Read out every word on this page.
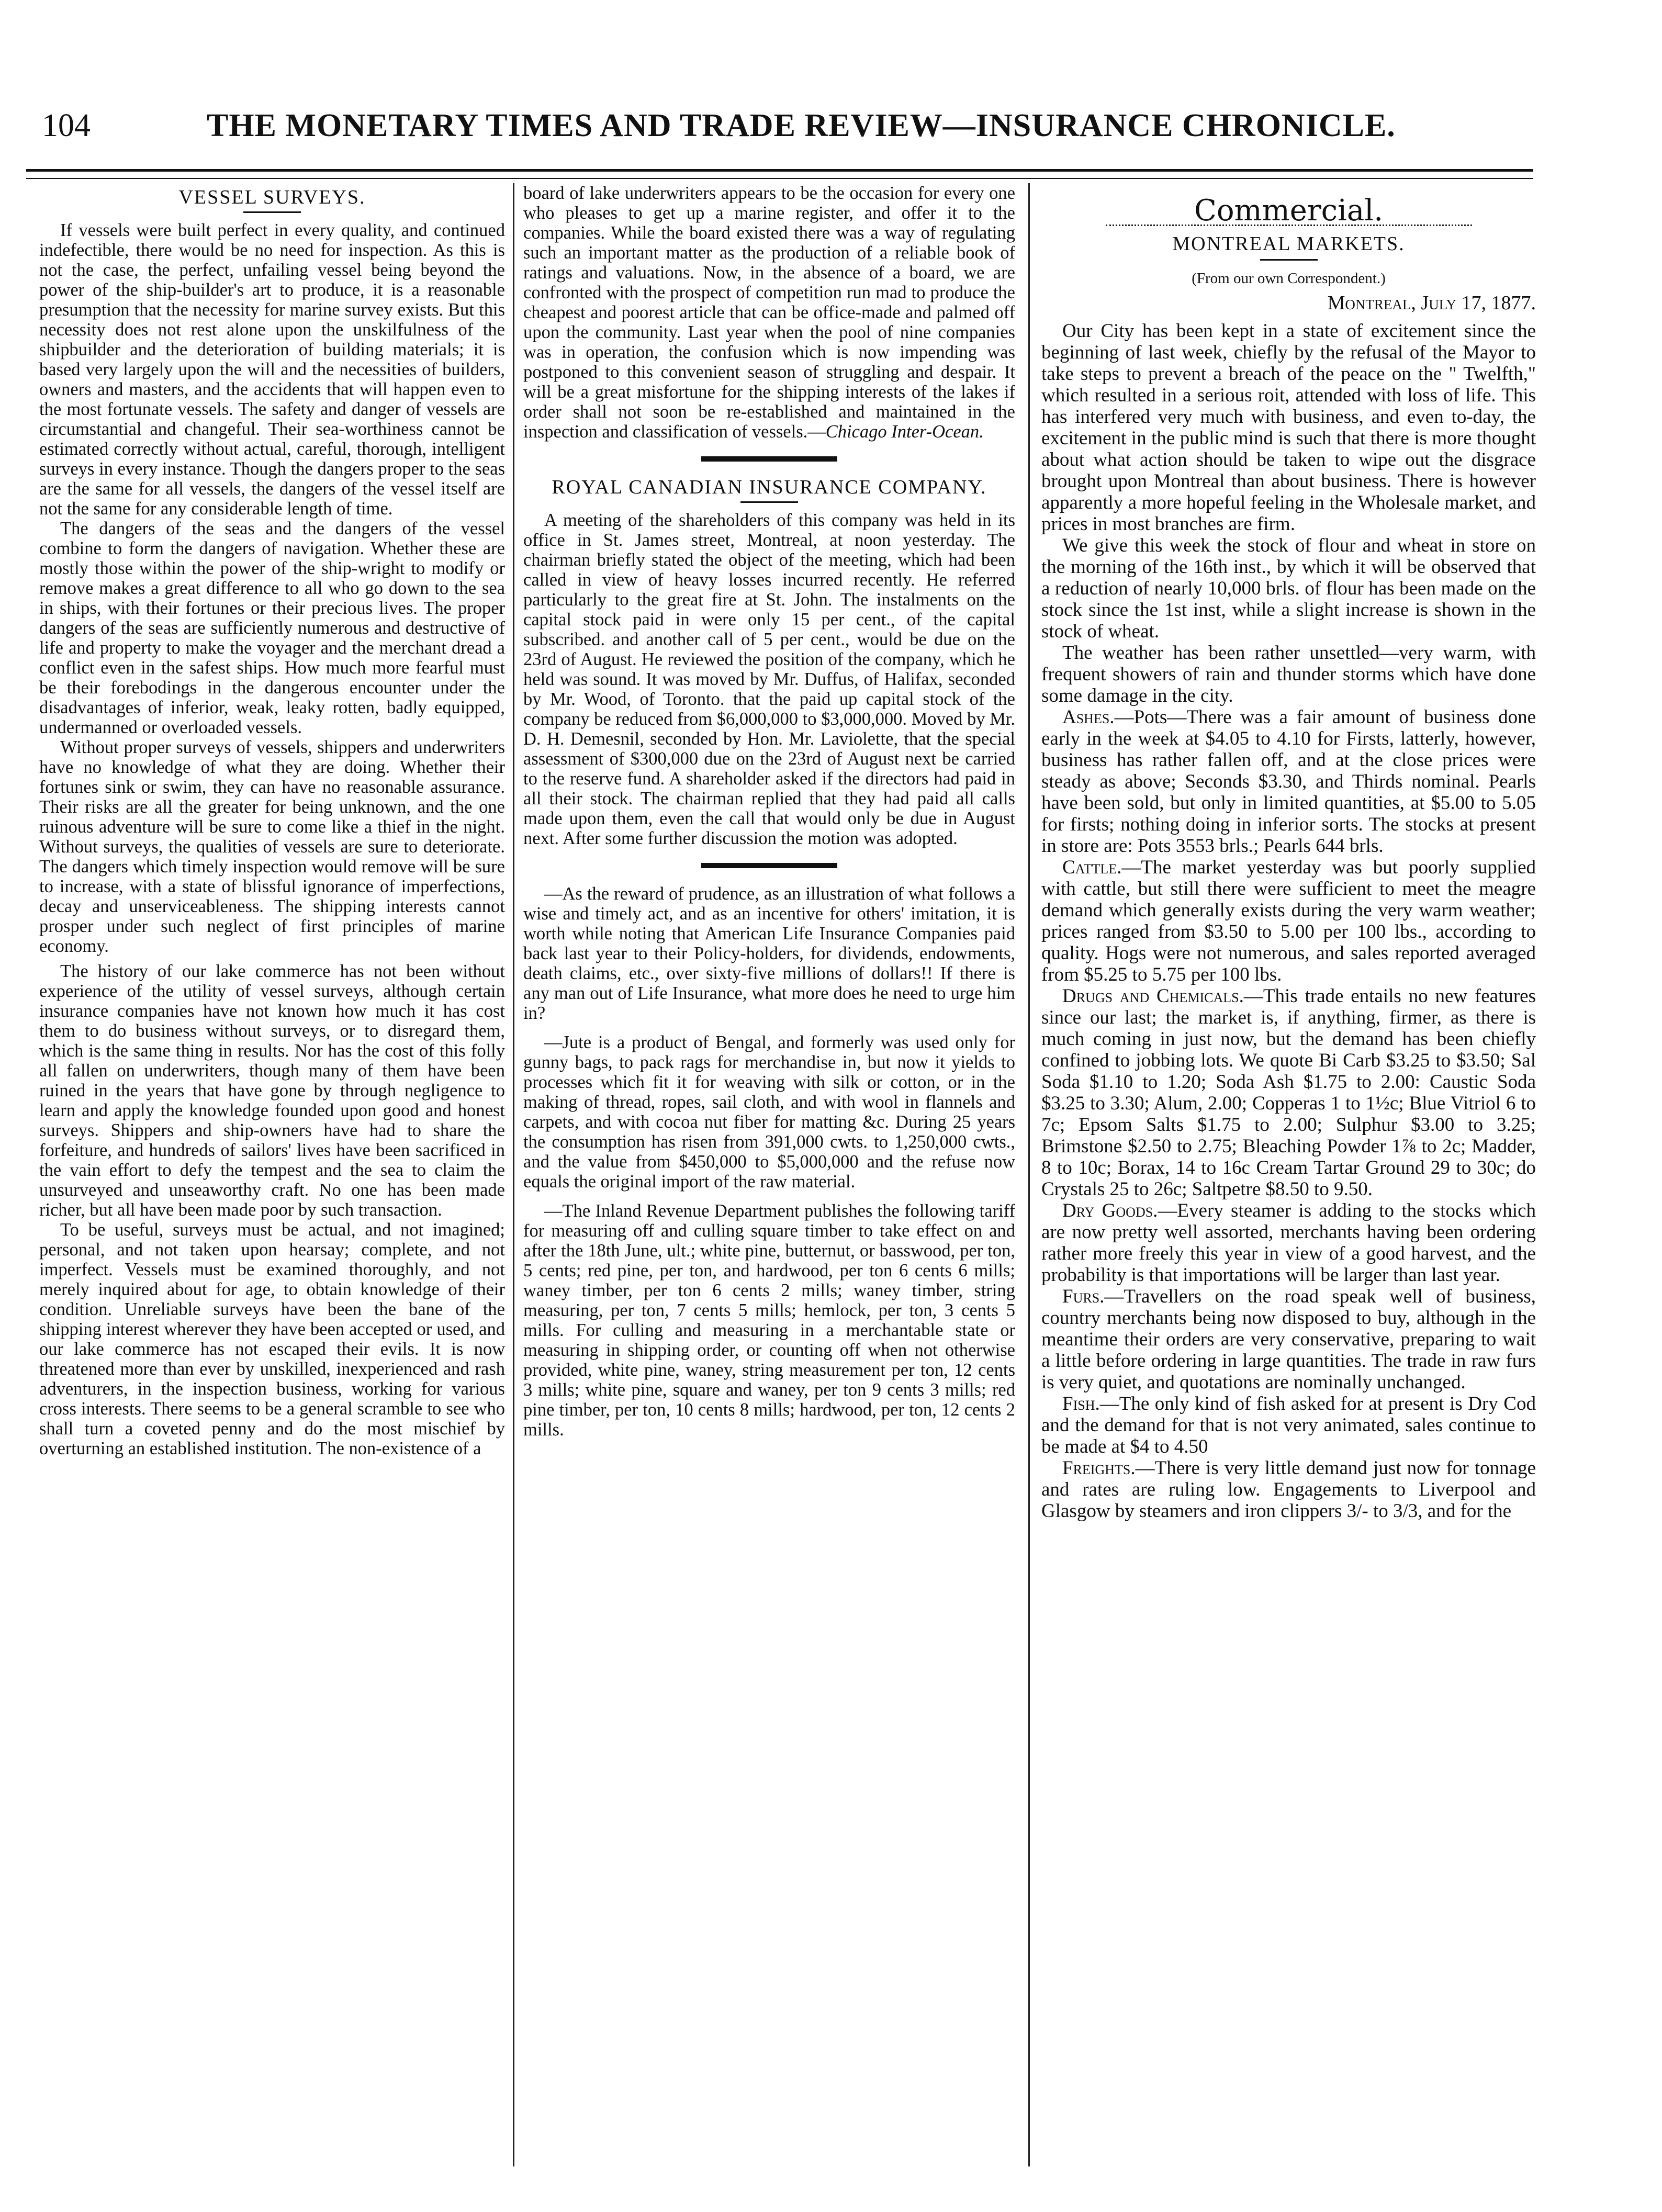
104	THE MONETARY TIMES AND TRADE REVIEW—INSURANCE CHRONICLE.
VESSEL SURVEYS.

If vessels were built perfect in every quality, and continued indefectible, there would be no need for inspection. As this is not the case, the perfect, unfailing vessel being beyond the power of the ship-builder's art to produce, it is a reasonable presumption that the necessity for marine survey exists. But this necessity does not rest alone upon the unskilfulness of the shipbuilder and the deterioration of building materials; it is based very largely upon the will and the necessities of builders, owners and masters, and the accidents that will happen even to the most fortunate vessels. The safety and danger of vessels are circumstantial and changeful. Their sea-worthiness cannot be estimated correctly without actual, careful, thorough, intelligent surveys in every instance. Though the dangers proper to the seas are the same for all vessels, the dangers of the vessel itself are not the same for any considerable length of time.

The dangers of the seas and the dangers of the vessel combine to form the dangers of navigation. Whether these are mostly those within the power of the ship-wright to modify or remove makes a great difference to all who go down to the sea in ships, with their fortunes or their precious lives. The proper dangers of the seas are sufficiently numerous and destructive of life and property to make the voyager and the merchant dread a conflict even in the safest ships. How much more fearful must be their forebodings in the dangerous encounter under the disadvantages of inferior, weak, leaky rotten, badly equipped, undermanned or overloaded vessels.

Without proper surveys of vessels, shippers and underwriters have no knowledge of what they are doing. Whether their fortunes sink or swim, they can have no reasonable assurance. Their risks are all the greater for being unknown, and the one ruinous adventure will be sure to come like a thief in the night. Without surveys, the qualities of vessels are sure to deteriorate. The dangers which timely inspection would remove will be sure to increase, with a state of blissful ignorance of imperfections, decay and unserviceableness. The shipping interests cannot prosper under such neglect of first principles of marine economy.

The history of our lake commerce has not been without experience of the utility of vessel surveys, although certain insurance companies have not known how much it has cost them to do business without surveys, or to disregard them, which is the same thing in results. Nor has the cost of this folly all fallen on underwriters, though many of them have been ruined in the years that have gone by through negligence to learn and apply the knowledge founded upon good and honest surveys. Shippers and ship-owners have had to share the forfeiture, and hundreds of sailors' lives have been sacrificed in the vain effort to defy the tempest and the sea to claim the unsurveyed and unseaworthy craft. No one has been made richer, but all have been made poor by such transaction.

To be useful, surveys must be actual, and not imagined; personal, and not taken upon hearsay; complete, and not imperfect. Vessels must be examined thoroughly, and not merely inquired about for age, to obtain knowledge of their condition. Unreliable surveys have been the bane of the shipping interest wherever they have been accepted or used, and our lake commerce has not escaped their evils. It is now threatened more than ever by unskilled, inexperienced and rash adventurers, in the inspection business, working for various cross interests. There seems to be a general scramble to see who shall turn a coveted penny and do the most mischief by overturning an established institution. The non-existence of a

board of lake underwriters appears to be the occasion for every one who pleases to get up a marine register, and offer it to the companies. While the board existed there was a way of regulating such an important matter as the production of a reliable book of ratings and valuations. Now, in the absence of a board, we are confronted with the prospect of competition run mad to produce the cheapest and poorest article that can be office-made and palmed off upon the community. Last year when the pool of nine companies was in operation, the confusion which is now impending was postponed to this convenient season of struggling and despair. It will be a great misfortune for the shipping interests of the lakes if order shall not soon be re-established and maintained in the inspection and classification of vessels.—Chicago Inter-Ocean.

ROYAL CANADIAN INSURANCE COMPANY.

A meeting of the shareholders of this company was held in its office in St. James street, Montreal, at noon yesterday. The chairman briefly stated the object of the meeting, which had been called in view of heavy losses incurred recently. He referred particularly to the great fire at St. John. The instalments on the capital stock paid in were only 15 per cent., of the capital subscribed. and another call of 5 per cent., would be due on the 23rd of August. He reviewed the position of the company, which he held was sound. It was moved by Mr. Duffus, of Halifax, seconded by Mr. Wood, of Toronto. that the paid up capital stock of the company be reduced from $6,000,000 to $3,000,000. Moved by Mr. D. H. Demesnil, seconded by Hon. Mr. Laviolette, that the special assessment of $300,000 due on the 23rd of August next be carried to the reserve fund. A shareholder asked if the directors had paid in all their stock. The chairman replied that they had paid all calls made upon them, even the call that would only be due in August next. After some further discussion the motion was adopted.

—As the reward of prudence, as an illustration of what follows a wise and timely act, and as an incentive for others' imitation, it is worth while noting that American Life Insurance Companies paid back last year to their Policy-holders, for dividends, endowments, death claims, etc., over sixty-five millions of dollars!! If there is any man out of Life Insurance, what more does he need to urge him in?

—Jute is a product of Bengal, and formerly was used only for gunny bags, to pack rags for merchandise in, but now it yields to processes which fit it for weaving with silk or cotton, or in the making of thread, ropes, sail cloth, and with wool in flannels and carpets, and with cocoa nut fiber for matting &c. During 25 years the consumption has risen from 391,000 cwts. to 1,250,000 cwts., and the value from $450,000 to $5,000,000 and the refuse now equals the original import of the raw material.

—The Inland Revenue Department publishes the following tariff for measuring off and culling square timber to take effect on and after the 18th June, ult.; white pine, butternut, or basswood, per ton, 5 cents; red pine, per ton, and hardwood, per ton 6 cents 6 mills; waney timber, per ton 6 cents 2 mills; waney timber, string measuring, per ton, 7 cents 5 mills; hemlock, per ton, 3 cents 5 mills. For culling and measuring in a merchantable state or measuring in shipping order, or counting off when not otherwise provided, white pine, waney, string measurement per ton, 12 cents 3 mills; white pine, square and waney, per ton 9 cents 3 mills; red pine timber, per ton, 10 cents 8 mills; hardwood, per ton, 12 cents 2 mills.

Commercial.
MONTREAL MARKETS.
(From our own Correspondent.)
Montreal, July 17, 1877.

Our City has been kept in a state of excitement since the beginning of last week, chiefly by the refusal of the Mayor to take steps to prevent a breach of the peace on the " Twelfth," which resulted in a serious roit, attended with loss of life. This has interfered very much with business, and even to-day, the excitement in the public mind is such that there is more thought about what action should be taken to wipe out the disgrace brought upon Montreal than about business. There is however apparently a more hopeful feeling in the Wholesale market, and prices in most branches are firm.

We give this week the stock of flour and wheat in store on the morning of the 16th inst., by which it will be observed that a reduction of nearly 10,000 brls. of flour has been made on the stock since the 1st inst, while a slight increase is shown in the stock of wheat.

The weather has been rather unsettled—very warm, with frequent showers of rain and thunder storms which have done some damage in the city.

Ashes.—Pots—There was a fair amount of business done early in the week at $4.05 to 4.10 for Firsts, latterly, however, business has rather fallen off, and at the close prices were steady as above; Seconds $3.30, and Thirds nominal. Pearls have been sold, but only in limited quantities, at $5.00 to 5.05 for firsts; nothing doing in inferior sorts. The stocks at present in store are: Pots 3553 brls.; Pearls 644 brls.

Cattle.—The market yesterday was but poorly supplied with cattle, but still there were sufficient to meet the meagre demand which generally exists during the very warm weather; prices ranged from $3.50 to 5.00 per 100 lbs., according to quality. Hogs were not numerous, and sales reported averaged from $5.25 to 5.75 per 100 lbs.

Drugs and Chemicals.—This trade entails no new features since our last; the market is, if anything, firmer, as there is much coming in just now, but the demand has been chiefly confined to jobbing lots. We quote Bi Carb $3.25 to $3.50; Sal Soda $1.10 to 1.20; Soda Ash $1.75 to 2.00: Caustic Soda $3.25 to 3.30; Alum, 2.00; Copperas 1 to 1½c; Blue Vitriol 6 to 7c; Epsom Salts $1.75 to 2.00; Sulphur $3.00 to 3.25; Brimstone $2.50 to 2.75; Bleaching Powder 1⅞ to 2c; Madder, 8 to 10c; Borax, 14 to 16c Cream Tartar Ground 29 to 30c; do Crystals 25 to 26c; Saltpetre $8.50 to 9.50.

Dry Goods.—Every steamer is adding to the stocks which are now pretty well assorted, merchants having been ordering rather more freely this year in view of a good harvest, and the probability is that importations will be larger than last year.

Furs.—Travellers on the road speak well of business, country merchants being now disposed to buy, although in the meantime their orders are very conservative, preparing to wait a little before ordering in large quantities. The trade in raw furs is very quiet, and quotations are nominally unchanged.

Fish.—The only kind of fish asked for at present is Dry Cod and the demand for that is not very animated, sales continue to be made at $4 to 4.50

Freights.—There is very little demand just now for tonnage and rates are ruling low. Engagements to Liverpool and Glasgow by steamers and iron clippers 3/- to 3/3, and for the
